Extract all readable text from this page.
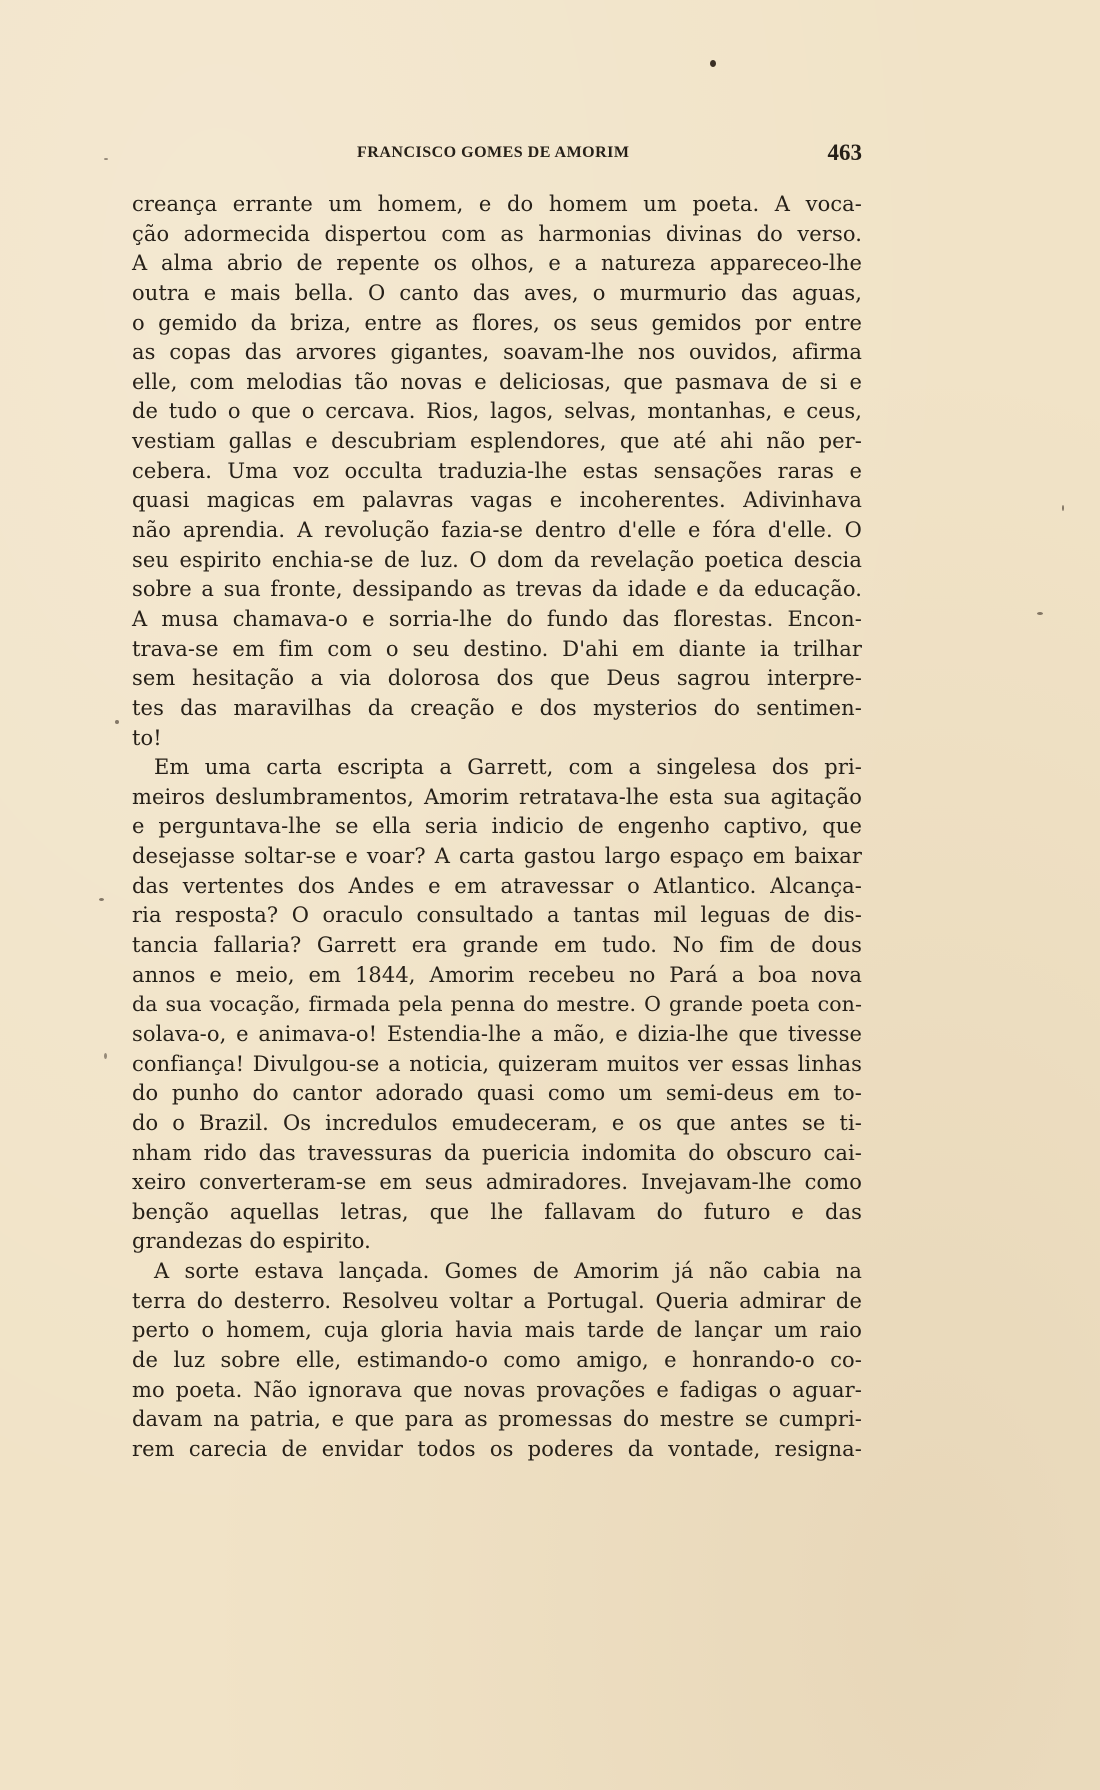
FRANCISCO GOMES DE AMORIM	463
creança errante um homem, e do homem um poeta. A voca-
ção adormecida dispertou com as harmonias divinas do verso.
A alma abrio de repente os olhos, e a natureza appareceo-lhe
outra e mais bella. O canto das aves, o murmurio das aguas,
o gemido da briza, entre as flores, os seus gemidos por entre
as copas das arvores gigantes, soavam-lhe nos ouvidos, afirma
elle, com melodias tão novas e deliciosas, que pasmava de si e
de tudo o que o cercava. Rios, lagos, selvas, montanhas, e ceus,
vestiam gallas e descubriam esplendores, que até ahi não per-
cebera. Uma voz occulta traduzia-lhe estas sensações raras e
quasi magicas em palavras vagas e incoherentes. Adivinhava
não aprendia. A revolução fazia-se dentro d'elle e fóra d'elle. O
seu espirito enchia-se de luz. O dom da revelação poetica descia
sobre a sua fronte, dessipando as trevas da idade e da educação.
A musa chamava-o e sorria-lhe do fundo das florestas. Encon-
trava-se em fim com o seu destino. D'ahi em diante ia trilhar
sem hesitação a via dolorosa dos que Deus sagrou interpre-
tes das maravilhas da creação e dos mysterios do sentimen-
to!
Em uma carta escripta a Garrett, com a singelesa dos pri-
meiros deslumbramentos, Amorim retratava-lhe esta sua agitação
e perguntava-lhe se ella seria indicio de engenho captivo, que
desejasse soltar-se e voar? A carta gastou largo espaço em baixar
das vertentes dos Andes e em atravessar o Atlantico. Alcança-
ria resposta? O oraculo consultado a tantas mil leguas de dis-
tancia fallaria? Garrett era grande em tudo. No fim de dous
annos e meio, em 1844, Amorim recebeu no Pará a boa nova
da sua vocação, firmada pela penna do mestre. O grande poeta con-
solava-o, e animava-o! Estendia-lhe a mão, e dizia-lhe que tivesse
confiança! Divulgou-se a noticia, quizeram muitos ver essas linhas
do punho do cantor adorado quasi como um semi-deus em to-
do o Brazil. Os incredulos emudeceram, e os que antes se ti-
nham rido das travessuras da puericia indomita do obscuro cai-
xeiro converteram-se em seus admiradores. Invejavam-lhe como
benção aquellas letras, que lhe fallavam do futuro e das
grandezas do espirito.
A sorte estava lançada. Gomes de Amorim já não cabia na
terra do desterro. Resolveu voltar a Portugal. Queria admirar de
perto o homem, cuja gloria havia mais tarde de lançar um raio
de luz sobre elle, estimando-o como amigo, e honrando-o co-
mo poeta. Não ignorava que novas provações e fadigas o aguar-
davam na patria, e que para as promessas do mestre se cumpri-
rem carecia de envidar todos os poderes da vontade, resigna-
